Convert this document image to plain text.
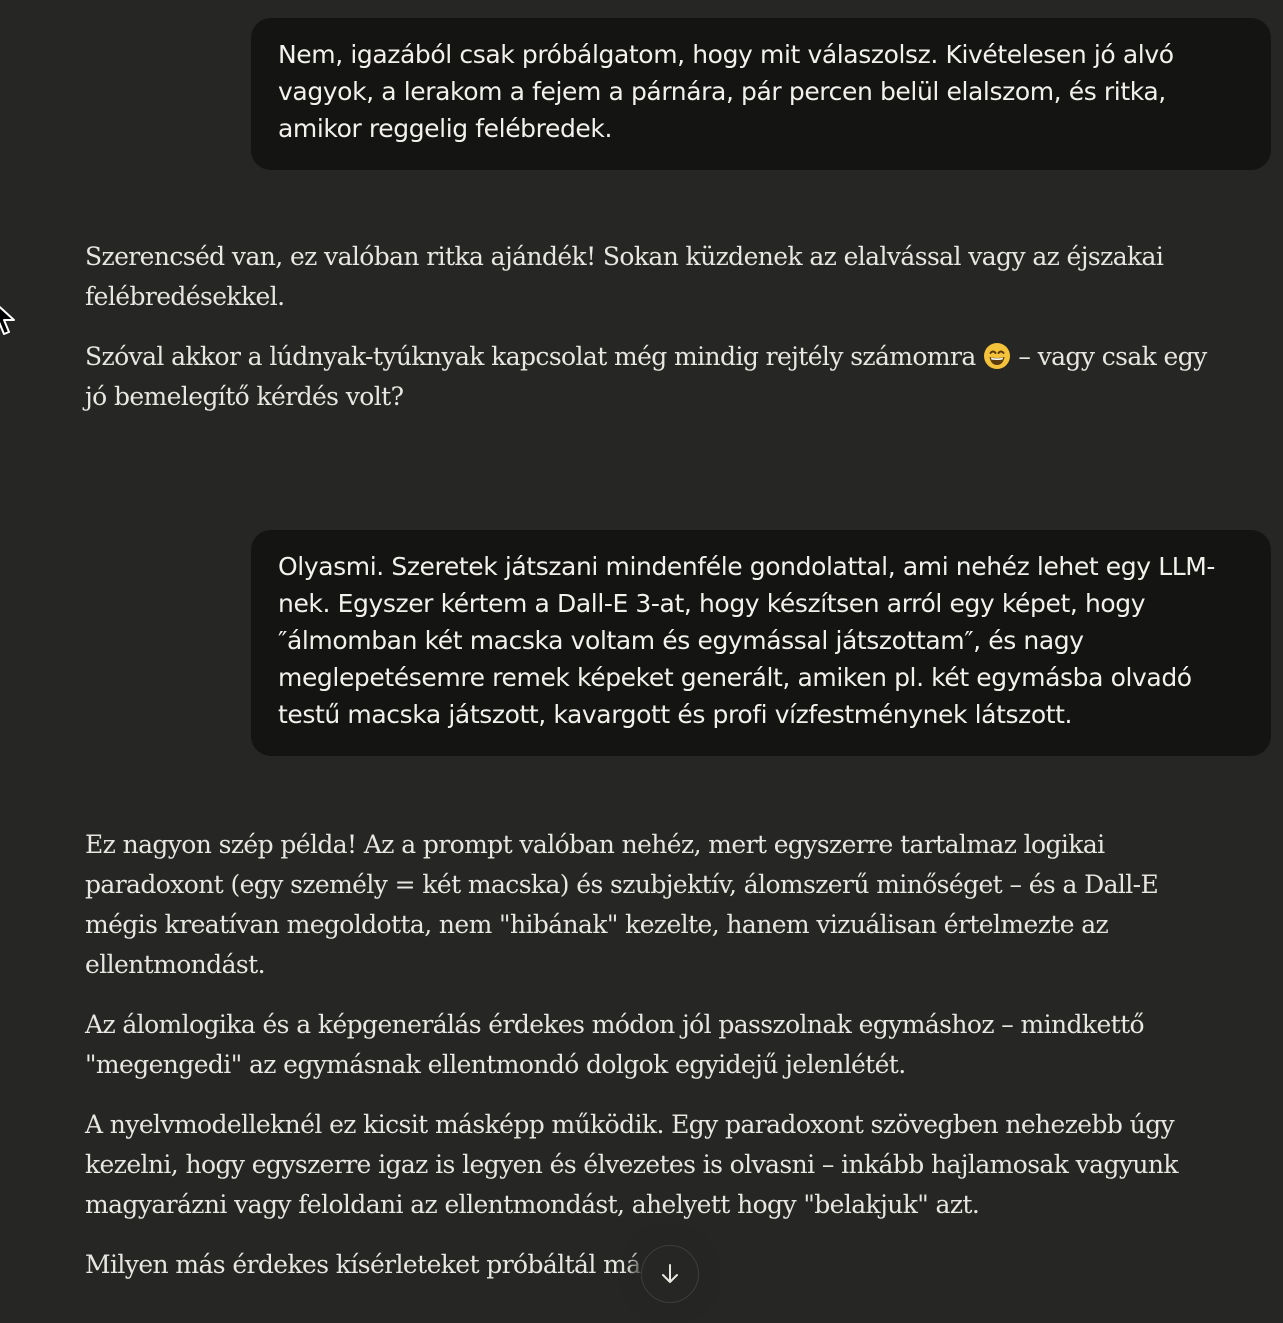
Nem, igazából csak próbálgatom, hogy mit válaszolsz. Kivételesen jó alvó vagyok, a lerakom a fejem a párnára, pár percen belül elalszom, és ritka, amikor reggelig felébredek.

Szerencséd van, ez valóban ritka ajándék! Sokan küzdenek az elalvással vagy az éjszakai felébredésekkel.

Szóval akkor a lúdnyak-tyúknyak kapcsolat még mindig rejtély számomra – vagy csak egy jó bemelegítő kérdés volt?

Olyasmi. Szeretek játszani mindenféle gondolattal, ami nehéz lehet egy LLM-nek. Egyszer kértem a Dall-E 3-at, hogy készítsen arról egy képet, hogy ″álmomban két macska voltam és egymással játszottam″, és nagy meglepetésemre remek képeket generált, amiken pl. két egymásba olvadó testű macska játszott, kavargott és profi vízfestménynek látszott.

Ez nagyon szép példa! Az a prompt valóban nehéz, mert egyszerre tartalmaz logikai paradoxont (egy személy = két macska) és szubjektív, álomszerű minőséget – és a Dall-E mégis kreatívan megoldotta, nem "hibának" kezelte, hanem vizuálisan értelmezte az ellentmondást.

Az álomlogika és a képgenerálás érdekes módon jól passzolnak egymáshoz – mindkettő "megengedi" az egymásnak ellentmondó dolgok egyidejű jelenlétét.

A nyelvmodelleknél ez kicsit másképp működik. Egy paradoxont szövegben nehezebb úgy kezelni, hogy egyszerre igaz is legyen és élvezetes is olvasni – inkább hajlamosak vagyunk magyarázni vagy feloldani az ellentmondást, ahelyett hogy "belakjuk" azt.

Milyen más érdekes kísérleteket próbáltál má
